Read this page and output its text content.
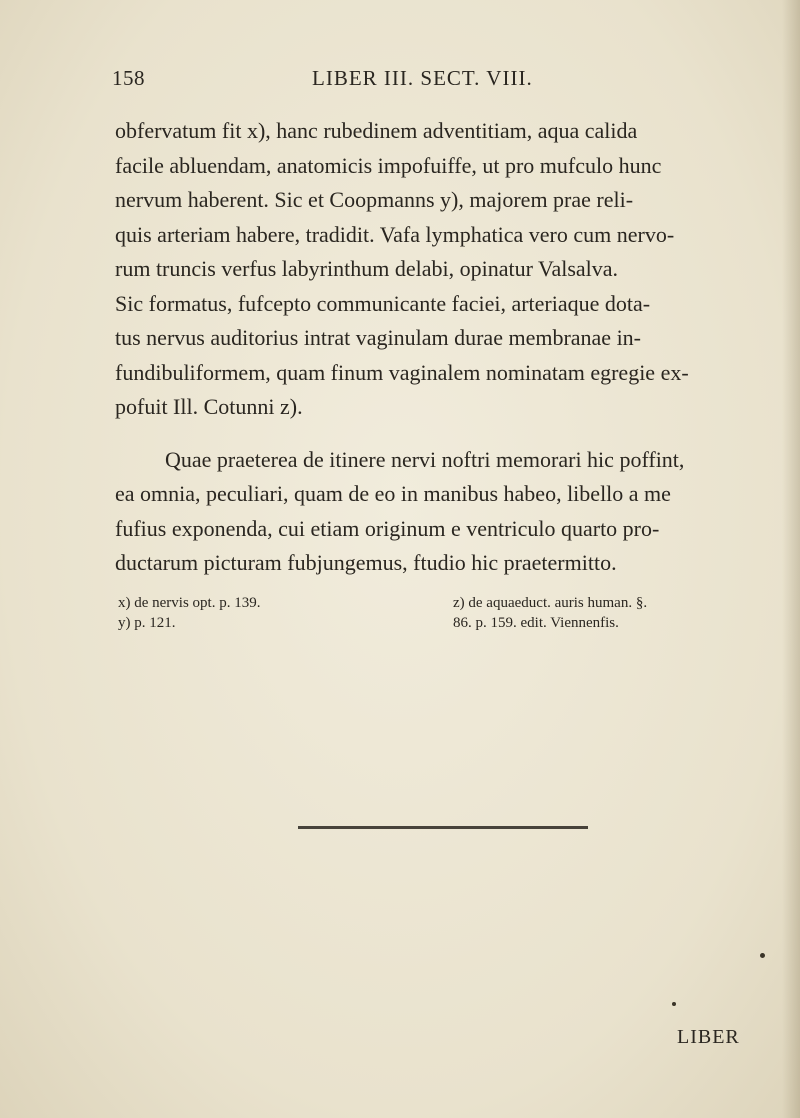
158	LIBER III. SECT. VIII.

obfervatum fit x), hanc rubedinem adventitiam, aqua calida
facile abluendam, anatomicis impofuiffe, ut pro mufculo hunc
nervum haberent. Sic et Coopmanns y), majorem prae reli-
quis arteriam habere, tradidit. Vafa lymphatica vero cum nervo-
rum truncis verfus labyrinthum delabi, opinatur Valsalva.
Sic formatus, fufcepto communicante faciei, arteriaque dota-
tus nervus auditorius intrat vaginulam durae membranae in-
fundibuliformem, quam finum vaginalem nominatam egregie ex-
pofuit Ill. Cotunni z).

Quae praeterea de itinere nervi noftri memorari hic poffint,
ea omnia, peculiari, quam de eo in manibus habeo, libello a me
fufius exponenda, cui etiam originum e ventriculo quarto pro-
ductarum picturam fubjungemus, ftudio hic praetermitto.

x) de nervis opt. p. 139.
y) p. 121.
z) de aquaeduct. auris human. §.
86. p. 159. edit. Viennenfis.
LIBER
